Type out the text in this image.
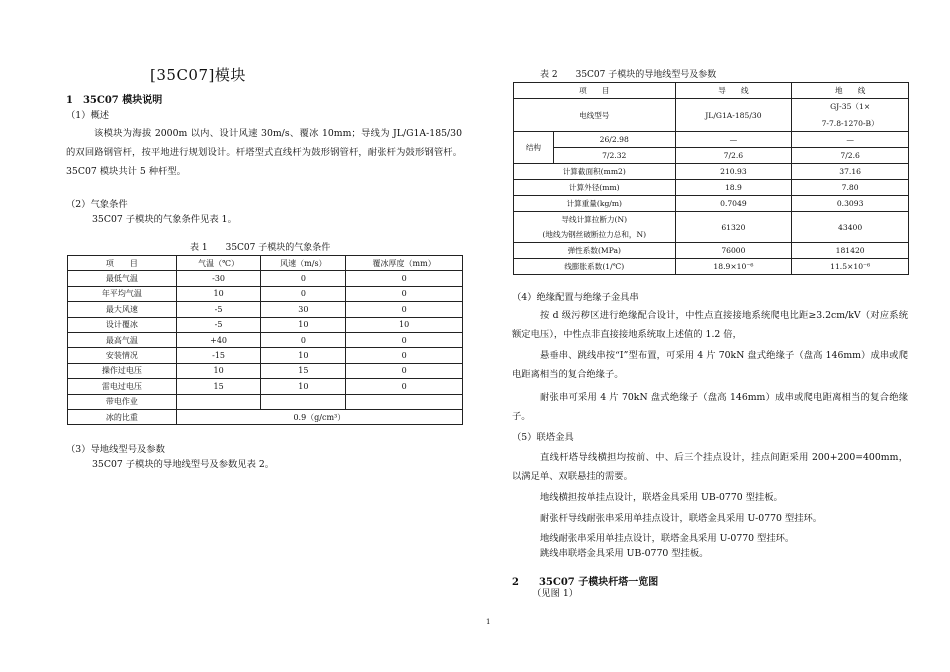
[35C07]模块
1　35C07 模块说明
（1）概述
该模块为海拔 2000m 以内、设计风速 30m/s、覆冰 10mm；导线为 JL/G1A-185/30 的双回路钢管杆，按平地进行规划设计。杆塔型式直线杆为鼓形钢管杆，耐张杆为鼓形钢管杆。35C07 模块共计 5 种杆型。
（2）气象条件
35C07 子模块的气象条件见表 1。
表 1　　35C07 子模块的气象条件
项　　目	气温（℃）	风速（m/s）	覆冰厚度（mm）
最低气温	-30	0	0
年平均气温	10	0	0
最大风速	-5	30	0
设计覆冰	-5	10	10
最高气温	+40	0	0
安装情况	-15	10	0
操作过电压	10	15	0
雷电过电压	15	10	0
带电作业			
冰的比重	0.9（g/cm³）		
（3）导地线型号及参数
35C07 子模块的导地线型号及参数见表 2。
表 2　　35C07 子模块的导地线型号及参数
项　　目		导　　线	地　　线
电线型号		JL/G1A-185/30	GJ-35（1×
7-7.8-1270-B）

结构	26/2.98	—	—
	7/2.32	7/2.6	7/2.6
计算截面积(mm2)		210.93	37.16
计算外径(mm)		18.9	7.80
计算重量(kg/m)		0.7049	0.3093

导线计算拉断力(N)
(地线为钢丝破断拉力总和，N)		61320	43400
弹性系数(MPa)		76000	181420
线膨胀系数(1/℃)		18.9×10⁻⁶	11.5×10⁻⁶
（4）绝缘配置与绝缘子金具串
按 d 级污秽区进行绝缘配合设计，中性点直接接地系统爬电比距≥3.2cm/kV（对应系统额定电压），中性点非直接接地系统取上述值的 1.2 倍，
悬垂串、跳线串按“I”型布置，可采用 4 片 70kN 盘式绝缘子（盘高 146mm）成串或爬电距离相当的复合绝缘子。
耐张串可采用 4 片 70kN 盘式绝缘子（盘高 146mm）成串或爬电距离相当的复合绝缘子。
（5）联塔金具
直线杆塔导线横担均按前、中、后三个挂点设计，挂点间距采用 200+200=400mm，以满足单、双联悬挂的需要。
地线横担按单挂点设计，联塔金具采用 UB-0770 型挂板。
耐张杆导线耐张串采用单挂点设计，联塔金具采用 U-0770 型挂环。
地线耐张串采用单挂点设计，联塔金具采用 U-0770 型挂环。
跳线串联塔金具采用 UB-0770 型挂板。
2　　35C07 子模块杆塔一览图
（见图 1）
1
